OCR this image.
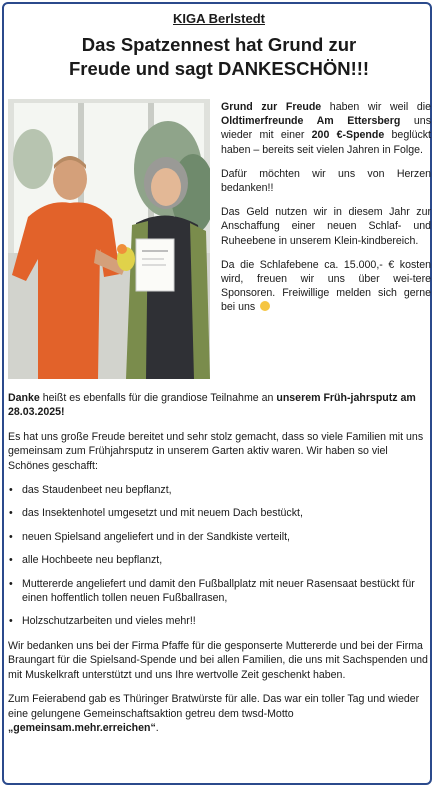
KIGA Berlstedt
Das Spatzennest hat Grund zur
Freude und sagt DANKESCHÖN!!!

Grund zur Freude haben wir weil die Oldtimerfreunde Am Ettersberg uns wieder mit einer 200 €-Spende beglückt haben – bereits seit vielen Jahren in Folge.

Dafür möchten wir uns von Herzen bedanken!!

Das Geld nutzen wir in diesem Jahr zur Anschaffung einer neuen Schlaf- und Ruheebene in unserem Klein-kindbereich.

Da die Schlafebene ca. 15.000,- € kosten wird, freuen wir uns über wei-tere Sponsoren. Freiwillige melden sich gerne bei uns

Danke heißt es ebenfalls für die grandiose Teilnahme an unserem Früh-jahrsputz am 28.03.2025!

Es hat uns große Freude bereitet und sehr stolz gemacht, dass so viele Familien mit uns gemeinsam zum Frühjahrsputz in unserem Garten aktiv waren. Wir haben so viel Schönes geschafft:

• das Staudenbeet neu bepflanzt,
• das Insektenhotel umgesetzt und mit neuem Dach bestückt,
• neuen Spielsand angeliefert und in der Sandkiste verteilt,
• alle Hochbeete neu bepflanzt,
• Muttererde angeliefert und damit den Fußballplatz mit neuer Rasensaat bestückt für einen hoffentlich tollen neuen Fußballrasen,
• Holzschutzarbeiten und vieles mehr!!

Wir bedanken uns bei der Firma Pfaffe für die gesponserte Muttererde und bei der Firma Braungart für die Spielsand-Spende und bei allen Familien, die uns mit Sachspenden und mit Muskelkraft unterstützt und uns Ihre wertvolle Zeit geschenkt haben.

Zum Feierabend gab es Thüringer Bratwürste für alle. Das war ein toller Tag und wieder eine gelungene Gemeinschaftsaktion getreu dem twsd-Motto „gemeinsam.mehr.erreichen“.
